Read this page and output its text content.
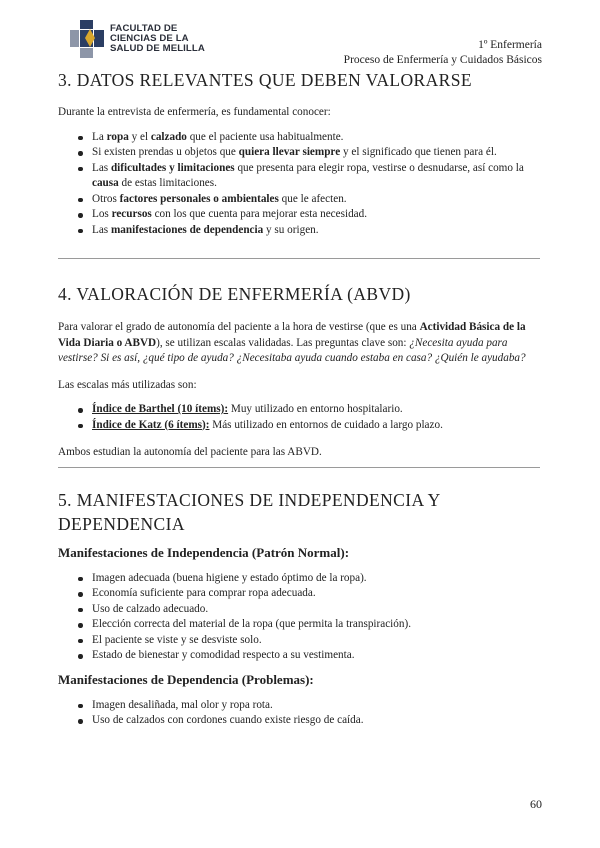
FACULTAD DE
CIENCIAS DE LA
SALUD DE MELILLA	1º Enfermería
Proceso de Enfermería y Cuidados Básicos
3. DATOS RELEVANTES QUE DEBEN VALORARSE

Durante la entrevista de enfermería, es fundamental conocer:

La ropa y el calzado que el paciente usa habitualmente.
Si existen prendas u objetos que quiera llevar siempre y el significado que tienen para él.
Las dificultades y limitaciones que presenta para elegir ropa, vestirse o desnudarse, así como la causa de estas limitaciones.
Otros factores personales o ambientales que le afecten.
Los recursos con los que cuenta para mejorar esta necesidad.
Las manifestaciones de dependencia y su origen.
4. VALORACIÓN DE ENFERMERÍA (ABVD)

Para valorar el grado de autonomía del paciente a la hora de vestirse (que es una Actividad Básica de la Vida Diaria o ABVD), se utilizan escalas validadas. Las preguntas clave son: ¿Necesita ayuda para vestirse? Si es así, ¿qué tipo de ayuda? ¿Necesitaba ayuda cuando estaba en casa? ¿Quién le ayudaba?

Las escalas más utilizadas son:

Índice de Barthel (10 ítems): Muy utilizado en entorno hospitalario.
Índice de Katz (6 ítems): Más utilizado en entornos de cuidado a largo plazo.

Ambos estudian la autonomía del paciente para las ABVD.

5. MANIFESTACIONES DE INDEPENDENCIA Y
DEPENDENCIA
Manifestaciones de Independencia (Patrón Normal):
Imagen adecuada (buena higiene y estado óptimo de la ropa).
Economía suficiente para comprar ropa adecuada.
Uso de calzado adecuado.
Elección correcta del material de la ropa (que permita la transpiración).
El paciente se viste y se desviste solo.
Estado de bienestar y comodidad respecto a su vestimenta.
Manifestaciones de Dependencia (Problemas):
Imagen desaliñada, mal olor y ropa rota.
Uso de calzados con cordones cuando existe riesgo de caída.
60
